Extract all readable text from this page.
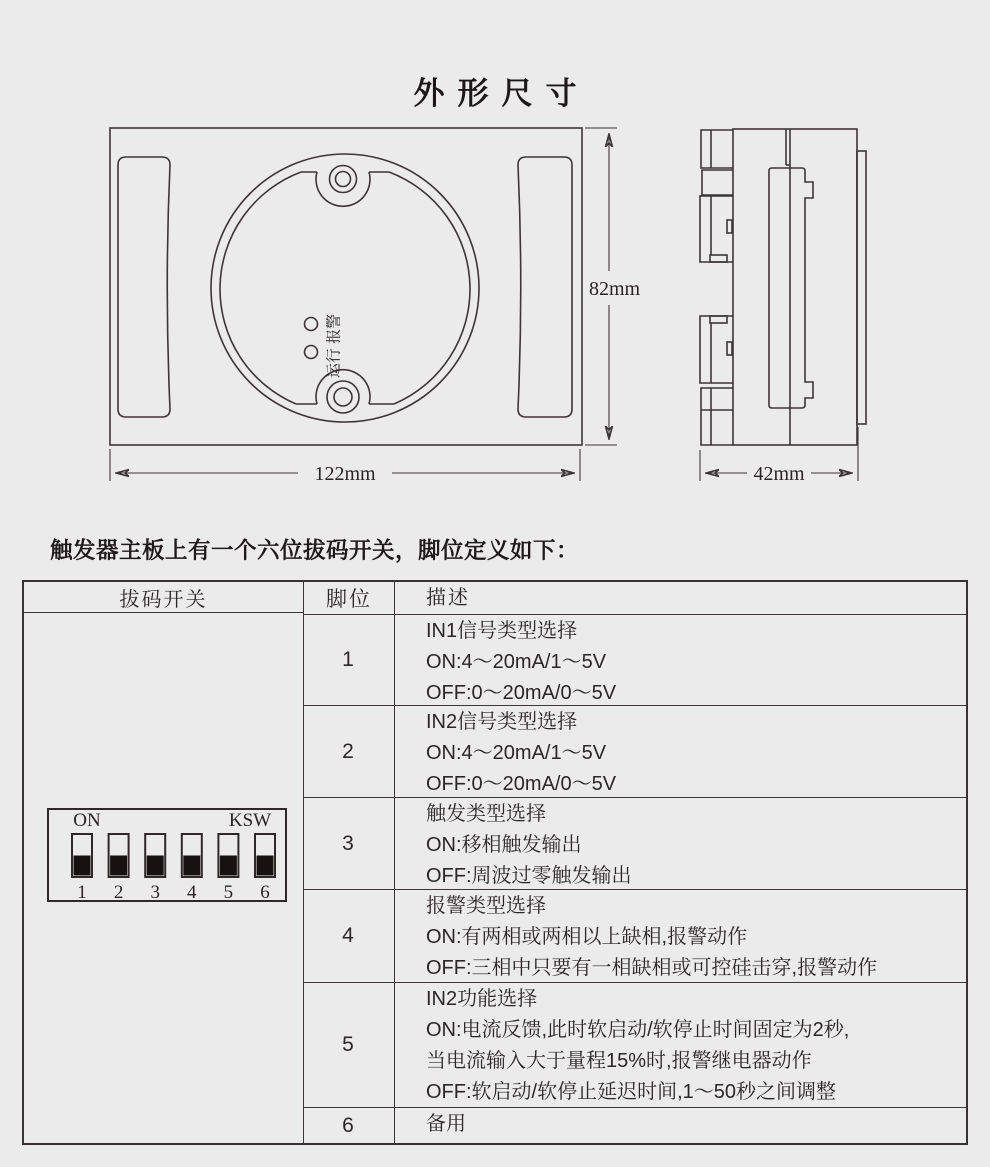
外形尺寸
运行 报警
122mm
82mm
42mm

触发器主板上有一个六位拔码开关，脚位定义如下：

拔码开关
ON	KSW
1 2 3 4 5 6
脚位	描述
1
IN1信号类型选择
ON:4～20mA/1～5V
OFF:0～20mA/0～5V
2
IN2信号类型选择
ON:4～20mA/1～5V
OFF:0～20mA/0～5V
3
触发类型选择
ON:移相触发输出
OFF:周波过零触发输出
4
报警类型选择
ON:有两相或两相以上缺相,报警动作
OFF:三相中只要有一相缺相或可控硅击穿,报警动作
5
IN2功能选择
ON:电流反馈,此时软启动/软停止时间固定为2秒,
当电流输入大于量程15%时,报警继电器动作
OFF:软启动/软停止延迟时间,1～50秒之间调整
6	备用
